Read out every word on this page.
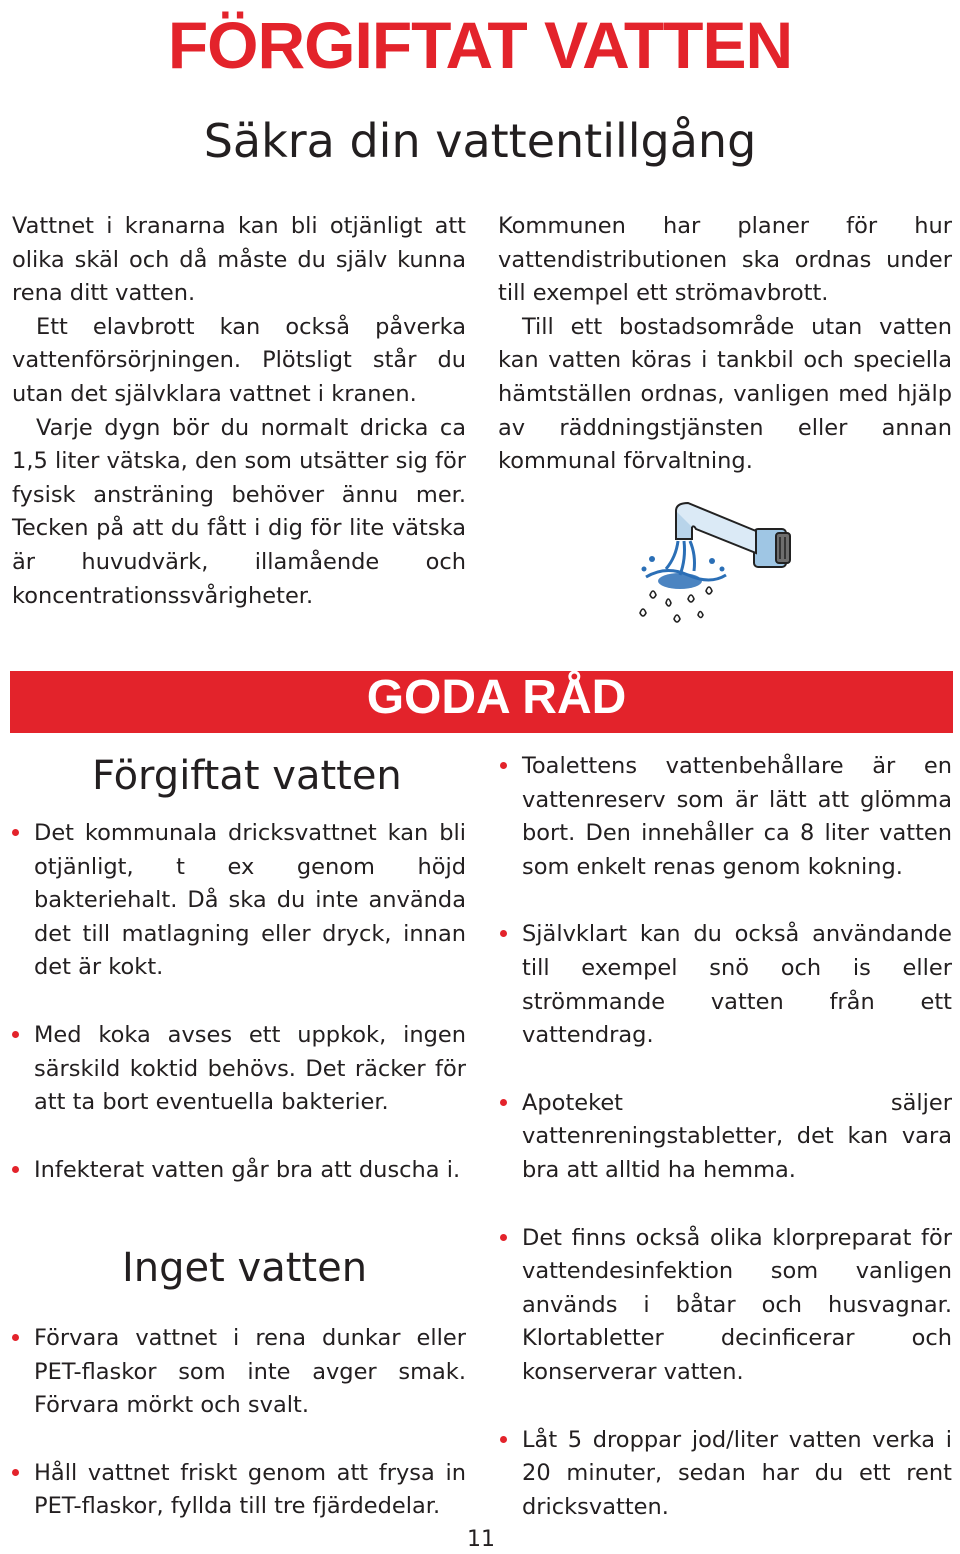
FÖRGIFTAT VATTEN
Säkra din vattentillgång

Vattnet i kranarna kan bli otjänligt att olika skäl och då måste du själv kunna rena ditt vatten.

Ett elavbrott kan också påverka vattenförsörjningen. Plötsligt står du utan det självklara vattnet i kranen.

Varje dygn bör du normalt dricka ca 1,5 liter vätska, den som utsätter sig för fysisk ansträning behöver ännu mer. Tecken på att du fått i dig för lite vätska är huvudvärk, illamående och koncentrationssvårigheter.

Kommunen har planer för hur vattendistributionen ska ordnas under till exempel ett strömavbrott.

Till ett bostadsområde utan vatten kan vatten köras i tankbil och speciella hämtställen ordnas, vanligen med hjälp av räddningstjänsten eller annan kommunal förvaltning.

GODA RÅD
Förgiftat vatten
Det kommunala dricksvattnet kan bli otjänligt, t ex genom höjd bakteriehalt. Då ska du inte använda det till matlagning eller dryck, innan det är kokt.
Med koka avses ett uppkok, ingen särskild koktid behövs. Det räcker för att ta bort eventuella bakterier.
Infekterat vatten går bra att duscha i.
Inget vatten
Förvara vattnet i rena dunkar eller PET-flaskor som inte avger smak. Förvara mörkt och svalt.
Håll vattnet friskt genom att frysa in PET-flaskor, fyllda till tre fjärdedelar.
Toalettens vattenbehållare är en vattenreserv som är lätt att glömma bort. Den innehåller ca 8 liter vatten som enkelt renas genom kokning.
Självklart kan du också användande till exempel snö och is eller strömmande vatten från ett vattendrag.
Apoteket säljer vattenreningstabletter, det kan vara bra att alltid ha hemma.
Det finns också olika klorpreparat för vattendesinfektion som vanligen används i båtar och husvagnar. Klortabletter decinficerar och konserverar vatten.
Låt 5 droppar jod/liter vatten verka i 20 minuter, sedan har du ett rent dricksvatten.

11
